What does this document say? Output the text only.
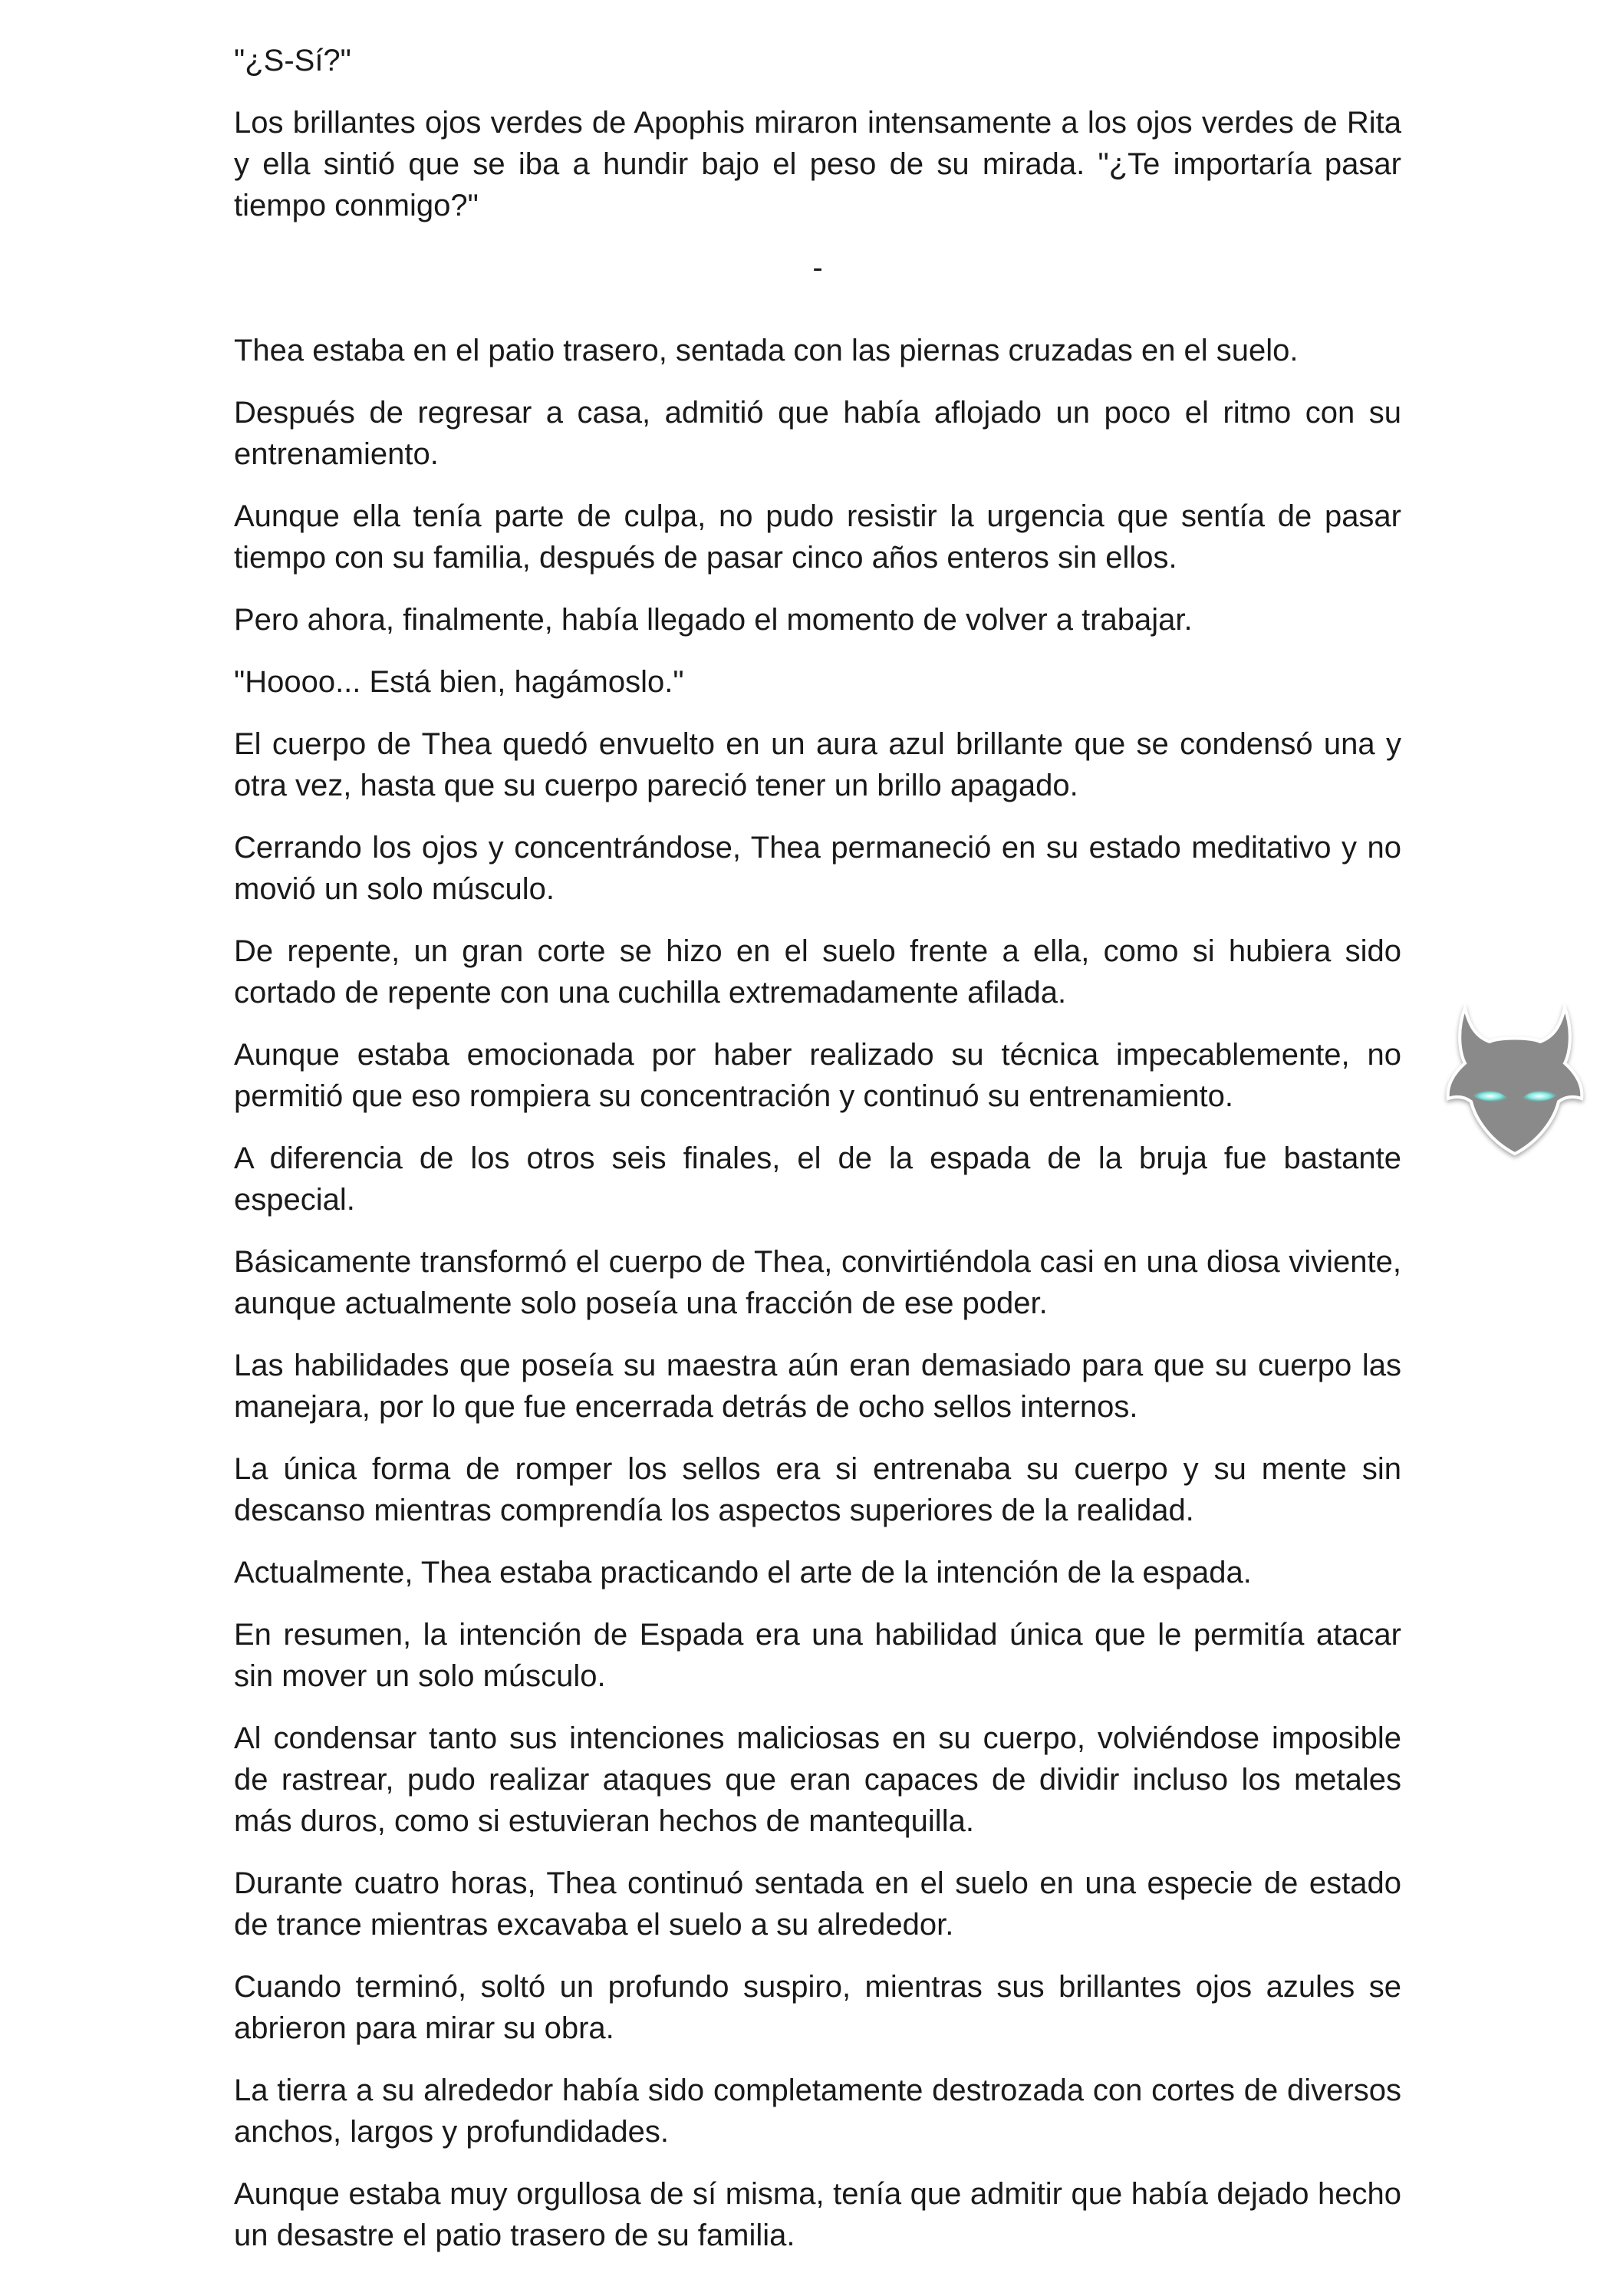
"¿S-Sí?"

Los brillantes ojos verdes de Apophis miraron intensamente a los ojos verdes de Rita y ella sintió que se iba a hundir bajo el peso de su mirada. "¿Te importaría pasar tiempo conmigo?"

-

Thea estaba en el patio trasero, sentada con las piernas cruzadas en el suelo.

Después de regresar a casa, admitió que había aflojado un poco el ritmo con su entrenamiento.

Aunque ella tenía parte de culpa, no pudo resistir la urgencia que sentía de pasar tiempo con su familia, después de pasar cinco años enteros sin ellos.

Pero ahora, finalmente, había llegado el momento de volver a trabajar.

"Hoooo... Está bien, hagámoslo."

El cuerpo de Thea quedó envuelto en un aura azul brillante que se condensó una y otra vez, hasta que su cuerpo pareció tener un brillo apagado.

Cerrando los ojos y concentrándose, Thea permaneció en su estado meditativo y no movió un solo músculo.

De repente, un gran corte se hizo en el suelo frente a ella, como si hubiera sido cortado de repente con una cuchilla extremadamente afilada.

Aunque estaba emocionada por haber realizado su técnica impecablemente, no permitió que eso rompiera su concentración y continuó su entrenamiento.

A diferencia de los otros seis finales, el de la espada de la bruja fue bastante especial.

Básicamente transformó el cuerpo de Thea, convirtiéndola casi en una diosa viviente, aunque actualmente solo poseía una fracción de ese poder.

Las habilidades que poseía su maestra aún eran demasiado para que su cuerpo las manejara, por lo que fue encerrada detrás de ocho sellos internos.

La única forma de romper los sellos era si entrenaba su cuerpo y su mente sin descanso mientras comprendía los aspectos superiores de la realidad.

Actualmente, Thea estaba practicando el arte de la intención de la espada.

En resumen, la intención de Espada era una habilidad única que le permitía atacar sin mover un solo músculo.

Al condensar tanto sus intenciones maliciosas en su cuerpo, volviéndose imposible de rastrear, pudo realizar ataques que eran capaces de dividir incluso los metales más duros, como si estuvieran hechos de mantequilla.

Durante cuatro horas, Thea continuó sentada en el suelo en una especie de estado de trance mientras excavaba el suelo a su alrededor.

Cuando terminó, soltó un profundo suspiro, mientras sus brillantes ojos azules se abrieron para mirar su obra.

La tierra a su alrededor había sido completamente destrozada con cortes de diversos anchos, largos y profundidades.

Aunque estaba muy orgullosa de sí misma, tenía que admitir que había dejado hecho un desastre el patio trasero de su familia.
